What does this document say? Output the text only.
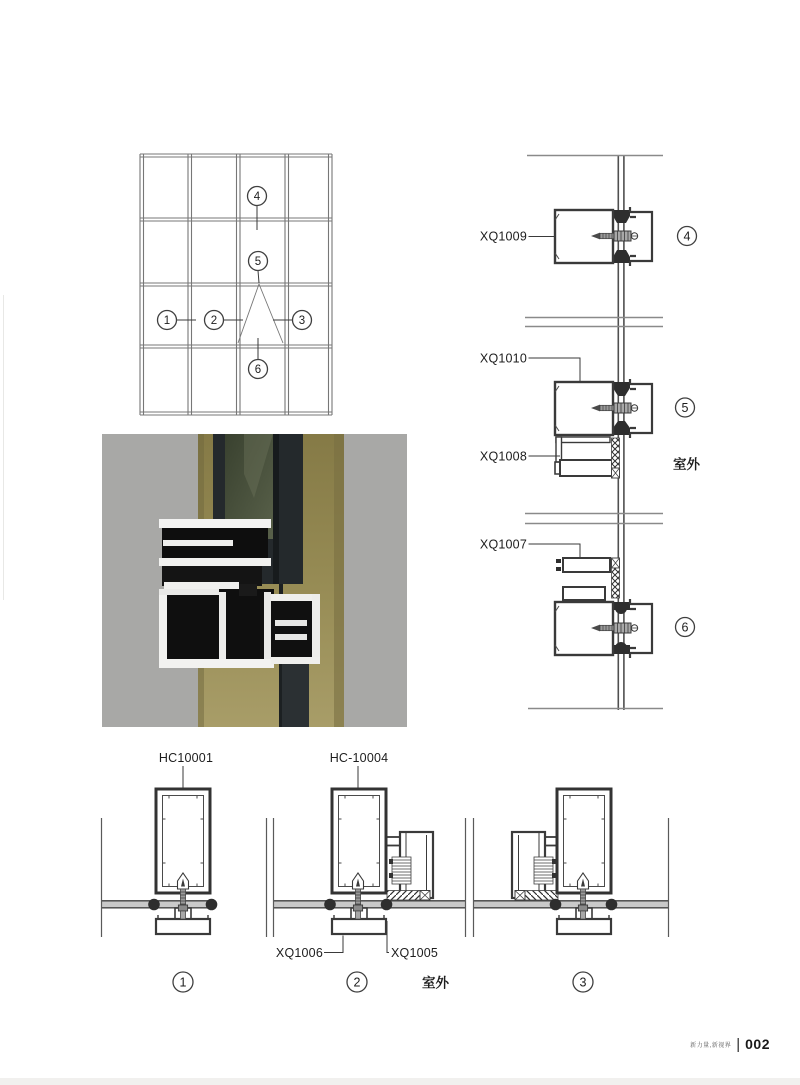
4
5
1	2	3
6
XQ1009	4
XQ1010
XQ1008
5
室外
XQ1007
6
HC10001
1
HC-10004
XQ1006	XQ1005
2	室外	3
新力量,新视界 | 002
